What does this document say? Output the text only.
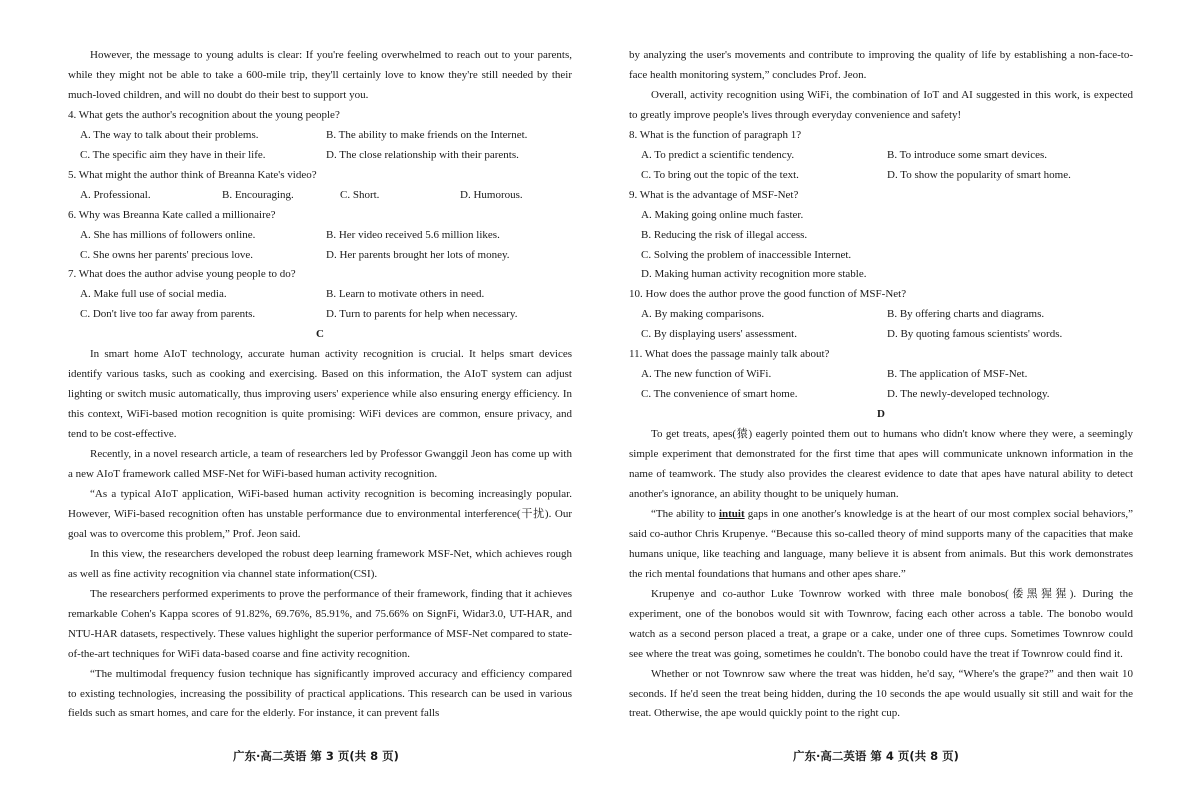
However, the message to young adults is clear: If you're feeling overwhelmed to reach out to your parents, while they might not be able to take a 600-mile trip, they'll certainly love to know they're still needed by their much-loved children, and will no doubt do their best to support you.

4. What gets the author's recognition about the young people?

A. The way to talk about their problems.	B. The ability to make friends on the Internet.
C. The specific aim they have in their life.	D. The close relationship with their parents.

5. What might the author think of Breanna Kate's video?

A. Professional.	B. Encouraging.	C. Short.	D. Humorous.

6. Why was Breanna Kate called a millionaire?

A. She has millions of followers online.	B. Her video received 5.6 million likes.
C. She owns her parents' precious love.	D. Her parents brought her lots of money.

7. What does the author advise young people to do?

A. Make full use of social media.	B. Learn to motivate others in need.
C. Don't live too far away from parents.	D. Turn to parents for help when necessary.

C

In smart home AIoT technology, accurate human activity recognition is crucial. It helps smart devices identify various tasks, such as cooking and exercising. Based on this information, the AIoT system can adjust lighting or switch music automatically, thus improving users' experience while also ensuring energy efficiency. In this context, WiFi-based motion recognition is quite promising: WiFi devices are common, ensure privacy, and tend to be cost-effective.

Recently, in a novel research article, a team of researchers led by Professor Gwanggil Jeon has come up with a new AIoT framework called MSF-Net for WiFi-based human activity recognition.

“As a typical AIoT application, WiFi-based human activity recognition is becoming increasingly popular. However, WiFi-based recognition often has unstable performance due to environmental interference(干扰). Our goal was to overcome this problem,” Prof. Jeon said.

In this view, the researchers developed the robust deep learning framework MSF-Net, which achieves rough as well as fine activity recognition via channel state information(CSI).

The researchers performed experiments to prove the performance of their framework, finding that it achieves remarkable Cohen's Kappa scores of 91.82%, 69.76%, 85.91%, and 75.66% on SignFi, Widar3.0, UT-HAR, and NTU-HAR datasets, respectively. These values highlight the superior performance of MSF-Net compared to state-of-the-art techniques for WiFi data-based coarse and fine activity recognition.

“The multimodal frequency fusion technique has significantly improved accuracy and efficiency compared to existing technologies, increasing the possibility of practical applications. This research can be used in various fields such as smart homes, and care for the elderly. For instance, it can prevent falls

by analyzing the user's movements and contribute to improving the quality of life by establishing a non-face-to-face health monitoring system,” concludes Prof. Jeon.

Overall, activity recognition using WiFi, the combination of IoT and AI suggested in this work, is expected to greatly improve people's lives through everyday convenience and safety!

8. What is the function of paragraph 1?

A. To predict a scientific tendency.	B. To introduce some smart devices.
C. To bring out the topic of the text.	D. To show the popularity of smart home.

9. What is the advantage of MSF-Net?

A. Making going online much faster.
B. Reducing the risk of illegal access.
C. Solving the problem of inaccessible Internet.
D. Making human activity recognition more stable.

10. How does the author prove the good function of MSF-Net?

A. By making comparisons.	B. By offering charts and diagrams.
C. By displaying users' assessment.	D. By quoting famous scientists' words.

11. What does the passage mainly talk about?

A. The new function of WiFi.	B. The application of MSF-Net.
C. The convenience of smart home.	D. The newly-developed technology.

D

To get treats, apes(猿) eagerly pointed them out to humans who didn't know where they were, a seemingly simple experiment that demonstrated for the first time that apes will communicate unknown information in the name of teamwork. The study also provides the clearest evidence to date that apes have natural ability to detect another's ignorance, an ability thought to be uniquely human.

“The ability to intuit gaps in one another's knowledge is at the heart of our most complex social behaviors,” said co-author Chris Krupenye. “Because this so-called theory of mind supports many of the capacities that make humans unique, like teaching and language, many believe it is absent from animals. But this work demonstrates the rich mental foundations that humans and other apes share.”

Krupenye and co-author Luke Townrow worked with three male bonobos(倭黑猩猩). During the experiment, one of the bonobos would sit with Townrow, facing each other across a table. The bonobo would watch as a second person placed a treat, a grape or a cake, under one of three cups. Sometimes Townrow could see where the treat was going, sometimes he couldn't. The bonobo could have the treat if Townrow could find it.

Whether or not Townrow saw where the treat was hidden, he'd say, “Where's the grape?” and then wait 10 seconds. If he'd seen the treat being hidden, during the 10 seconds the ape would usually sit still and wait for the treat. Otherwise, the ape would quickly point to the right cup.

广东·高二英语 第 3 页(共 8 页)	广东·高二英语 第 4 页(共 8 页)
